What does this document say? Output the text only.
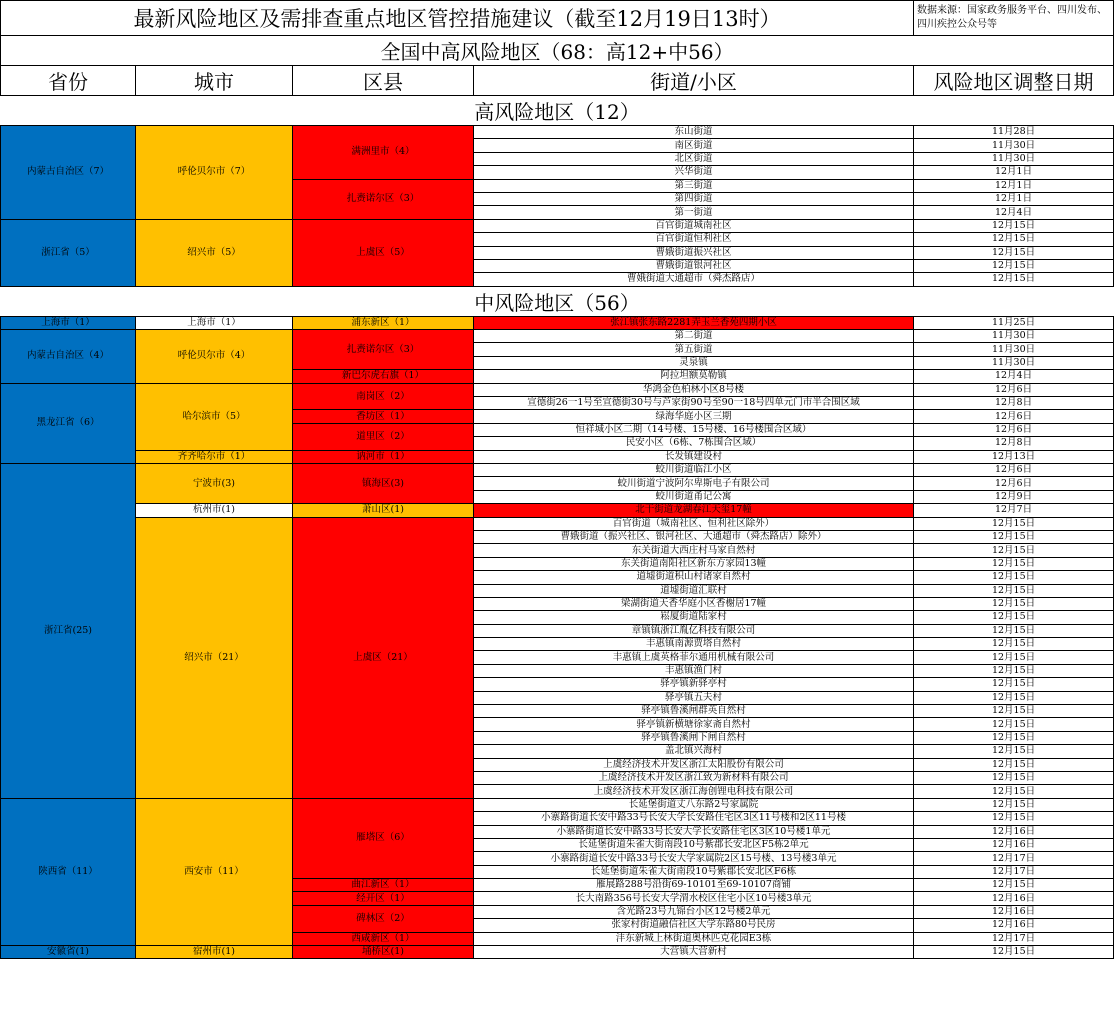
最新风险地区及需排查重点地区管控措施建议（截至12月19日13时）				数据来源：国家政务服务平台、四川发布、四川疾控公众号等
全国中高风险地区（68：高12+中56）				
省份	城市	区县	街道/小区	风险地区调整日期
高风险地区（12）				
内蒙古自治区（7）	呼伦贝尔市（7）	满洲里市（4）	东山街道	11月28日
			南区街道	11月30日
			北区街道	11月30日
			兴华街道	12月1日
		扎赉诺尔区（3）	第三街道	12月1日
			第四街道	12月1日
			第一街道	12月4日
浙江省（5）	绍兴市（5）	上虞区（5）	百官街道城南社区	12月15日
			百官街道恒利社区	12月15日
			曹娥街道振兴社区	12月15日
			曹娥街道银河社区	12月15日
			曹娥街道大通超市（舜杰路店）	12月15日
中风险地区（56）				
上海市（1）	上海市（1）	浦东新区（1）	张江镇张东路2281弄玉兰香苑四期小区	11月25日
内蒙古自治区（4）	呼伦贝尔市（4）	扎赉诺尔区（3）	第二街道	11月30日
			第五街道	11月30日
			灵泉镇	11月30日
		新巴尔虎右旗（1）	阿拉坦额莫勒镇	12月4日
黑龙江省（6）	哈尔滨市（5）	南岗区（2）	华鸿金色柏林小区8号楼	12月6日
			宣德街26一1号至宣德街30号与芦家街90号至90一18号四单元门市半合围区域	12月8日
		香坊区（1）	绿海华庭小区三期	12月6日
		道里区（2）	恒祥城小区二期（14号楼、15号楼、16号楼围合区域）	12月6日
			民安小区（6栋、7栋围合区域）	12月8日
	齐齐哈尔市（1）	讷河市（1）	长发镇建设村	12月13日
浙江省(25)	宁波市(3)	镇海区(3)	蛟川街道临江小区	12月6日
			蛟川街道宁波阿尔卑斯电子有限公司	12月6日
			蛟川街道甬记公寓	12月9日
	杭州市(1)	萧山区(1)	北干街道龙湖春江天玺17幢	12月7日
	绍兴市（21）	上虞区（21）	百官街道（城南社区、恒利社区除外）	12月15日
			曹娥街道（振兴社区、银河社区、大通超市（舜杰路店）除外）	12月15日
			东关街道大西庄村马家自然村	12月15日
			东关街道南阳社区新东方家园13幢	12月15日
			道墟街道积山村诸家自然村	12月15日
			道墟街道汇联村	12月15日
			梁湖街道天香华庭小区香榭居17幢	12月15日
			崧厦街道陆家村	12月15日
			章镇镇浙江胤亿科技有限公司	12月15日
			丰惠镇南源贾塔自然村	12月15日
			丰惠镇上虞英格菲尔通用机械有限公司	12月15日
			丰惠镇渔门村	12月15日
			驿亭镇新驿亭村	12月15日
			驿亭镇五夫村	12月15日
			驿亭镇鲁溪闸群英自然村	12月15日
			驿亭镇新横塘徐家斋自然村	12月15日
			驿亭镇鲁溪闸下闸自然村	12月15日
			盖北镇兴海村	12月15日
			上虞经济技术开发区浙江太阳股份有限公司	12月15日
			上虞经济技术开发区浙江致为新材料有限公司	12月15日
			上虞经济技术开发区浙江海创锂电科技有限公司	12月15日
陕西省（11）	西安市（11）	雁塔区（6）	长延堡街道丈八东路2号家属院	12月15日
			小寨路街道长安中路33号长安大学长安路住宅区3区11号楼和2区11号楼	12月15日
			小寨路街道长安中路33号长安大学长安路住宅区3区10号楼1单元	12月16日
			长延堡街道朱雀大街南段10号紫郡长安北区F5栋2单元	12月16日
			小寨路街道长安中路33号长安大学家属院2区15号楼、13号楼3单元	12月17日
			长延堡街道朱雀大街南段10号紫郡长安北区F6栋	12月17日
		曲江新区（1）	雁展路288号沿街69-10101至69-10107商铺	12月15日
		经开区（1）	长大南路356号长安大学渭水校区住宅小区10号楼3单元	12月16日
		碑林区（2）	含光路23号九锦台小区12号楼2单元	12月16日
			张家村街道融信社区大学东路80号民房	12月16日
		西咸新区（1）	沣东新城上林街道奥林匹克花园E3栋	12月17日
安徽省(1)	宿州市(1)	埇桥区(1)	大营镇大营新村	12月15日
